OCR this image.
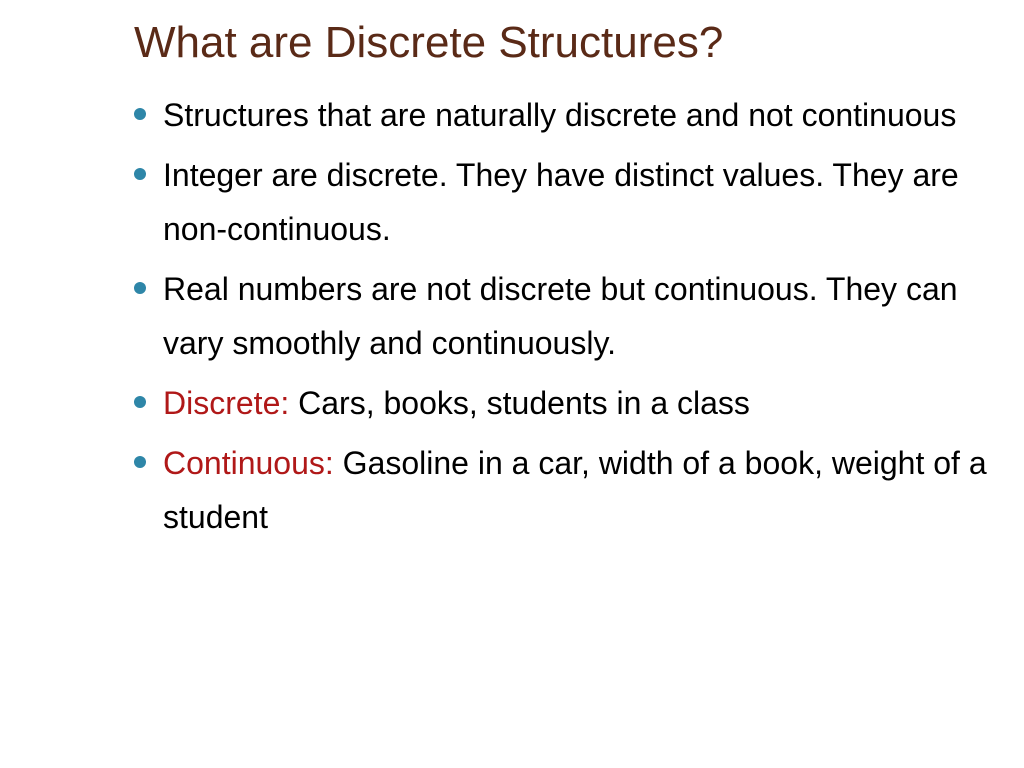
What are Discrete Structures?
Structures that are naturally discrete and not continuous
Integer are discrete. They have distinct values. They are non-continuous.
Real numbers are not discrete but continuous. They can vary smoothly and continuously.
Discrete: Cars, books, students in a class
Continuous: Gasoline in a car, width of a book, weight of a student
